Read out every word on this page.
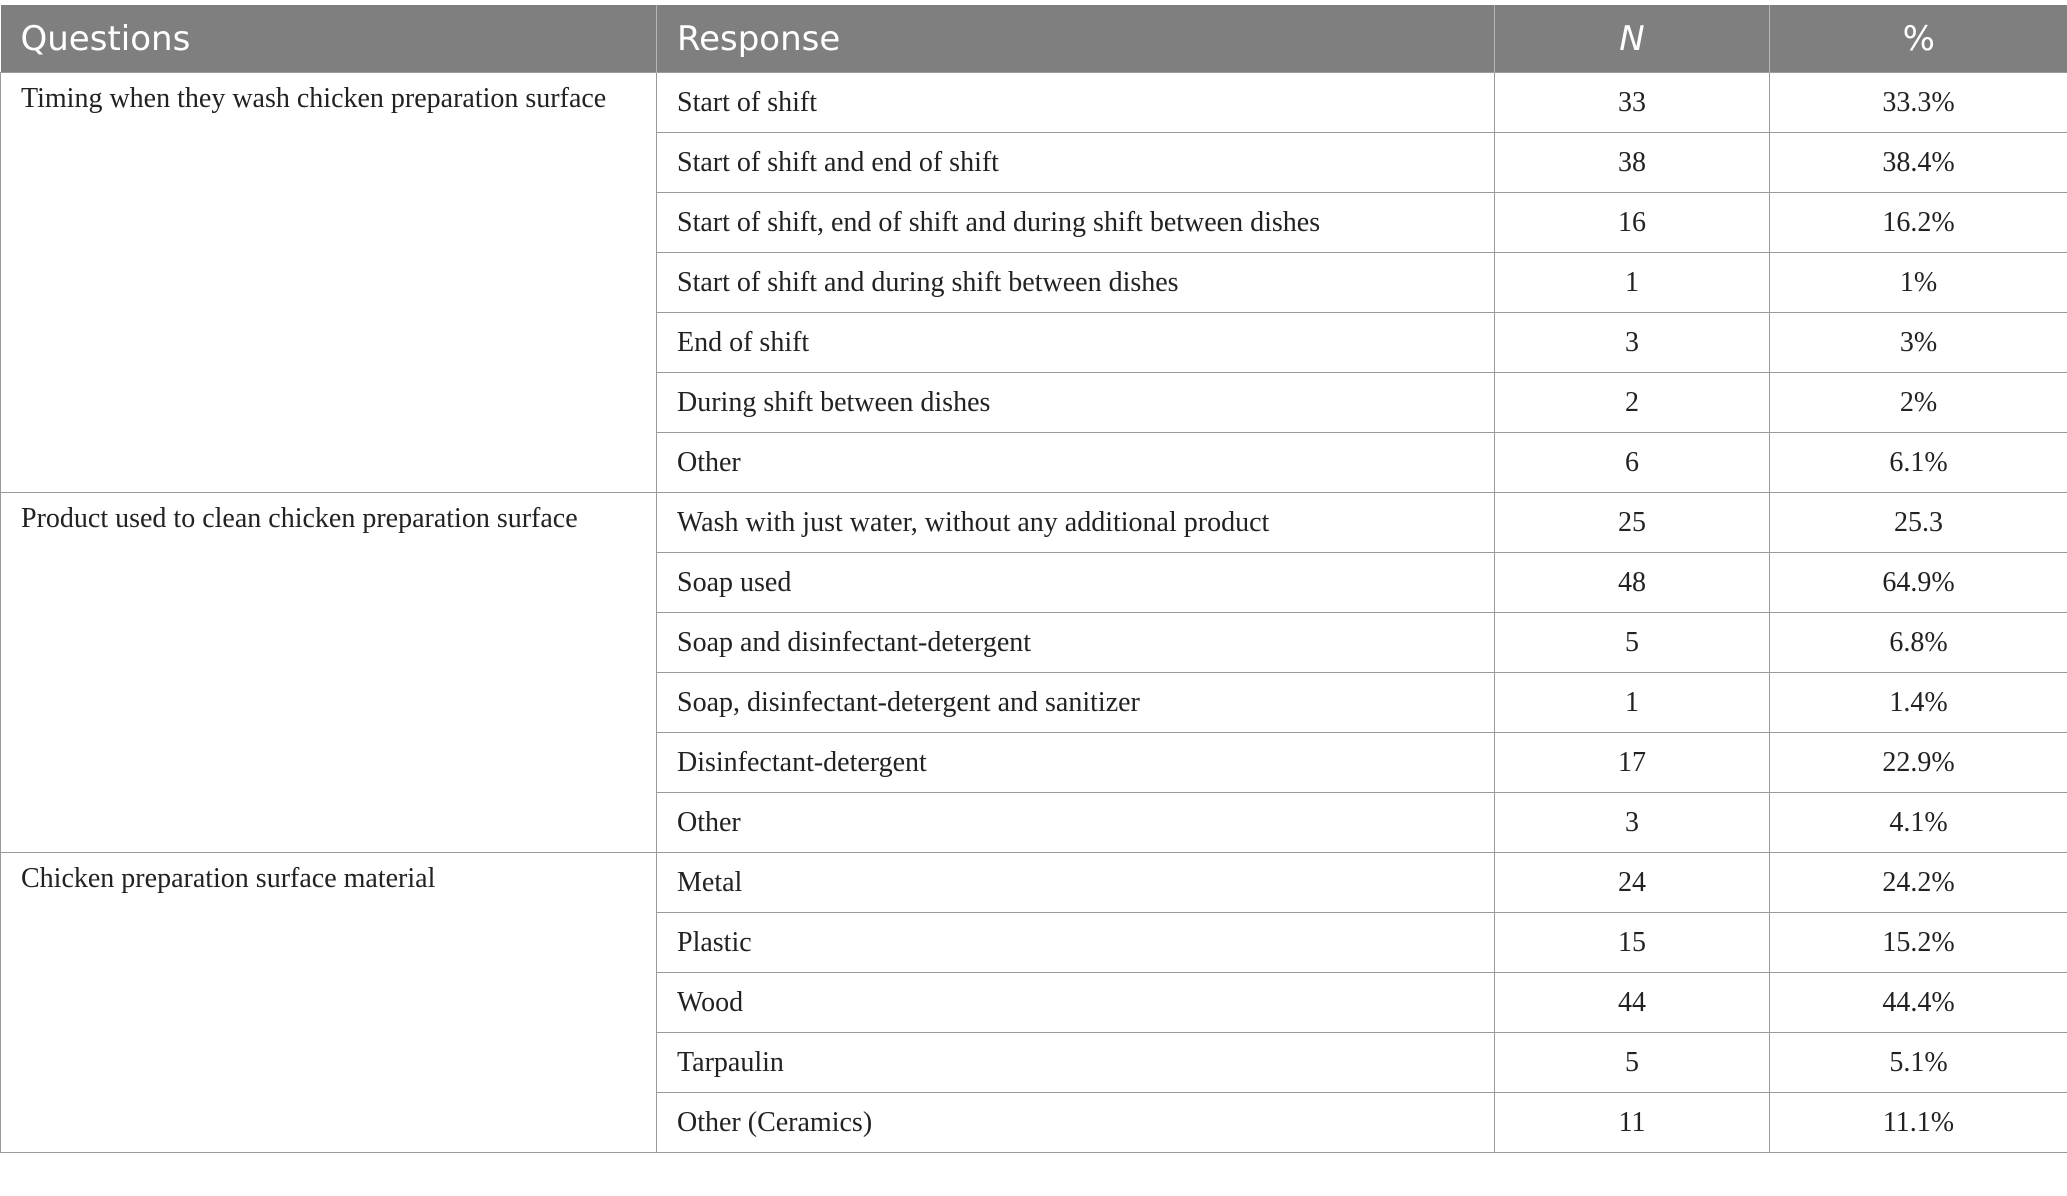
Questions	Response	N	%
Timing when they wash chicken preparation surface	Start of shift	33	33.3%
	Start of shift and end of shift	38	38.4%
	Start of shift, end of shift and during shift between dishes	16	16.2%
	Start of shift and during shift between dishes	1	1%
	End of shift	3	3%
	During shift between dishes	2	2%
	Other	6	6.1%
Product used to clean chicken preparation surface	Wash with just water, without any additional product	25	25.3
	Soap used	48	64.9%
	Soap and disinfectant-detergent	5	6.8%
	Soap, disinfectant-detergent and sanitizer	1	1.4%
	Disinfectant-detergent	17	22.9%
	Other	3	4.1%
Chicken preparation surface material	Metal	24	24.2%
	Plastic	15	15.2%
	Wood	44	44.4%
	Tarpaulin	5	5.1%
	Other (Ceramics)	11	11.1%
